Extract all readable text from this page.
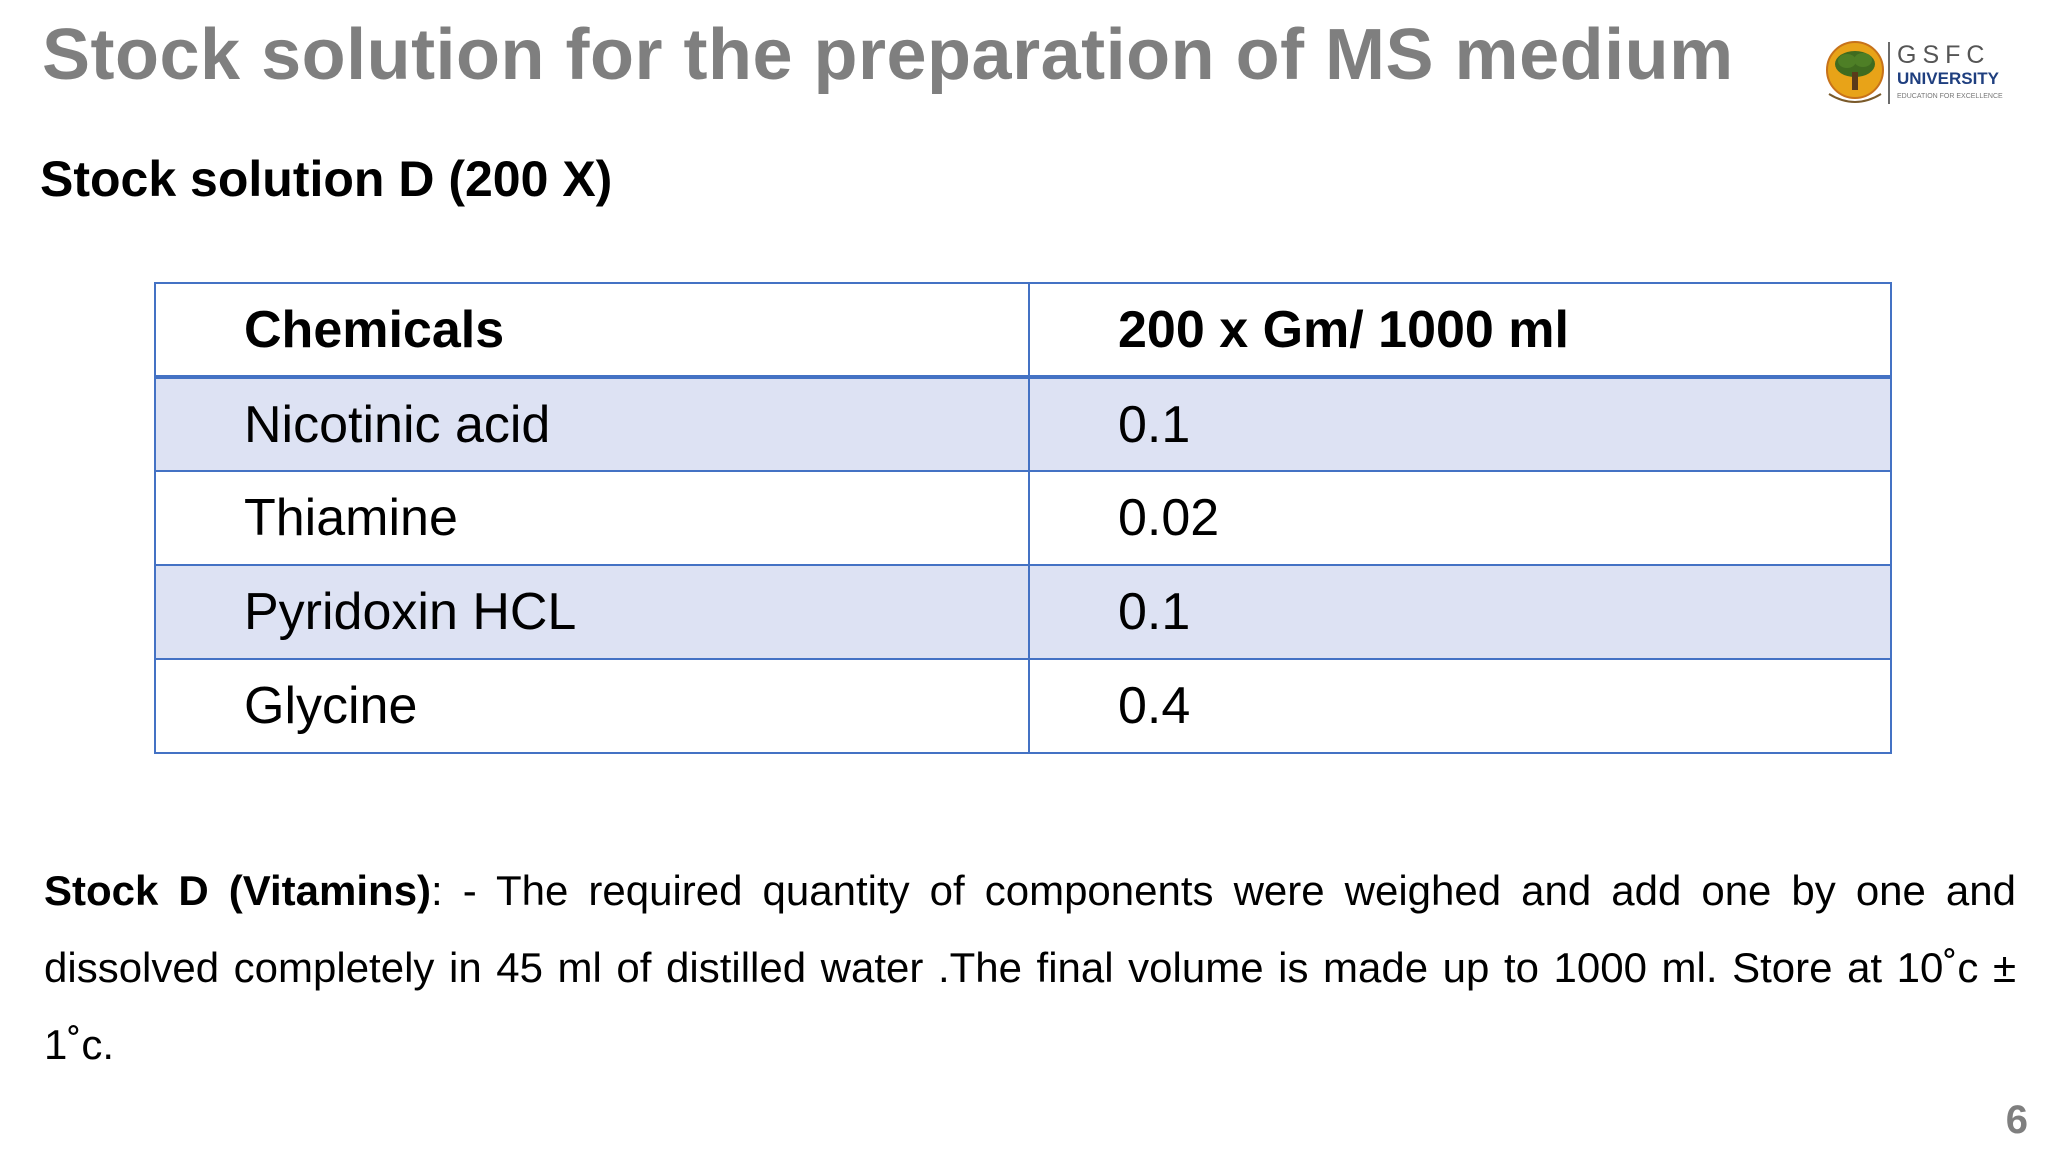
Stock solution for the preparation of MS medium	GSFC
UNIVERSITY
EDUCATION FOR EXCELLENCE
Stock solution D (200 X)
Chemicals	200 x Gm/ 1000 ml
Nicotinic acid	0.1
Thiamine	0.02
Pyridoxin HCL	0.1
Glycine	0.4
Stock D (Vitamins): - The required quantity of components were weighed and add one by one and dissolved completely in 45 ml of distilled water .The final volume is made up to 1000 ml. Store at 10˚c ± 1˚c.
6
